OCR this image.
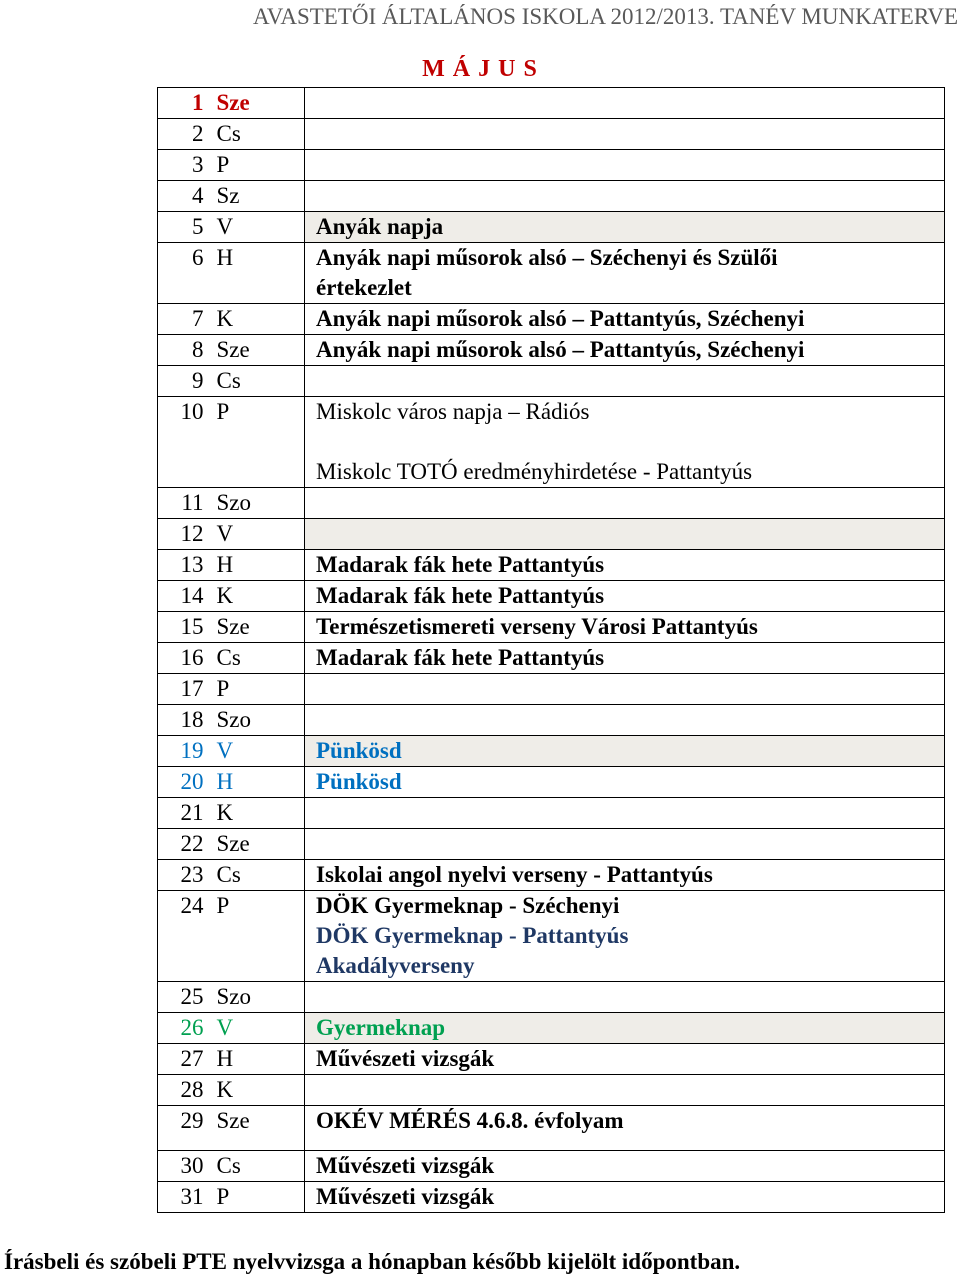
AVASTETŐI ÁLTALÁNOS ISKOLA 2012/2013. TANÉV MUNKATERVE
M Á J U S
1	Sze	

2	Cs	

3	P	

4	Sz	

5	V	Anyák napja

6	H	Anyák napi műsorok alsó – Széchenyi és Szülői
értekezlet

7	K	Anyák napi műsorok alsó – Pattantyús, Széchenyi

8	Sze	Anyák napi műsorok alsó – Pattantyús, Széchenyi

9	Cs	

10	P	Miskolc város napja – Rádiós
Miskolc TOTÓ eredményhirdetése - Pattantyús

11	Szo	

12	V	

13	H	Madarak fák hete Pattantyús

14	K	Madarak fák hete Pattantyús

15	Sze	Természetismereti verseny Városi Pattantyús

16	Cs	Madarak fák hete Pattantyús

17	P	

18	Szo	

19	V	Pünkösd

20	H	Pünkösd

21	K	

22	Sze	

23	Cs	Iskolai angol nyelvi verseny - Pattantyús

24	P	DÖK Gyermeknap - Széchenyi
DÖK Gyermeknap - Pattantyús
Akadályverseny

25	Szo	

26	V	Gyermeknap

27	H	Művészeti vizsgák

28	K	

29	Sze	OKÉV MÉRÉS 4.6.8. évfolyam

30	Cs	Művészeti vizsgák

31	P	Művészeti vizsgák
Írásbeli és szóbeli PTE nyelvvizsga a hónapban később kijelölt időpontban.
